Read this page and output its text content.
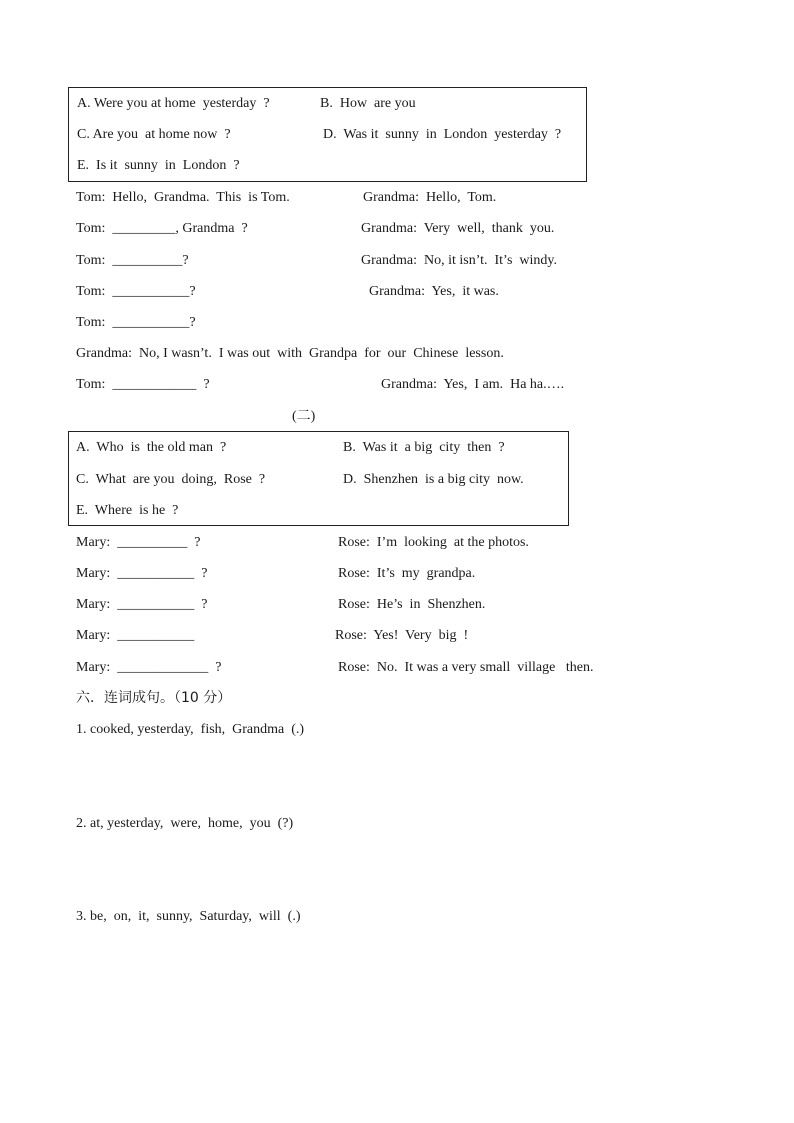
A. Were you at home  yesterday  ?	B.  How  are you
C. Are you  at home now  ?	D.  Was it  sunny  in  London  yesterday  ?
E.  Is it  sunny  in  London  ?
Tom:  Hello,  Grandma.  This  is Tom.	Grandma:  Hello,  Tom.
Tom:  _________, Grandma  ?	Grandma:  Very  well,  thank  you.
Tom:  __________?	Grandma:  No, it isn’t.  It’s  windy.
Tom:  ___________?	Grandma:  Yes,  it was.
Tom:  ___________?
Grandma:  No, I wasn’t.  I was out  with  Grandpa  for  our  Chinese  lesson.
Tom:  ____________  ?	Grandma:  Yes,  I am.  Ha ha.….
(二)
A.  Who  is  the old man  ?	B.  Was it  a big  city  then  ?
C.  What  are you  doing,  Rose  ?	D.  Shenzhen  is a big city  now.
E.  Where  is he  ?
Mary:  __________  ?	Rose:  I’m  looking  at the photos.
Mary:  ___________  ?	Rose:  It’s  my  grandpa.
Mary:  ___________  ?	Rose:  He’s  in  Shenzhen.
Mary:  ___________	Rose:  Yes!  Very  big  !
Mary:  _____________  ?	Rose:  No.  It was a very small  village   then.
六．连词成句。（10 分）
1. cooked, yesterday,  fish,  Grandma  (.)
2. at, yesterday,  were,  home,  you  (?)
3. be,  on,  it,  sunny,  Saturday,  will  (.)
